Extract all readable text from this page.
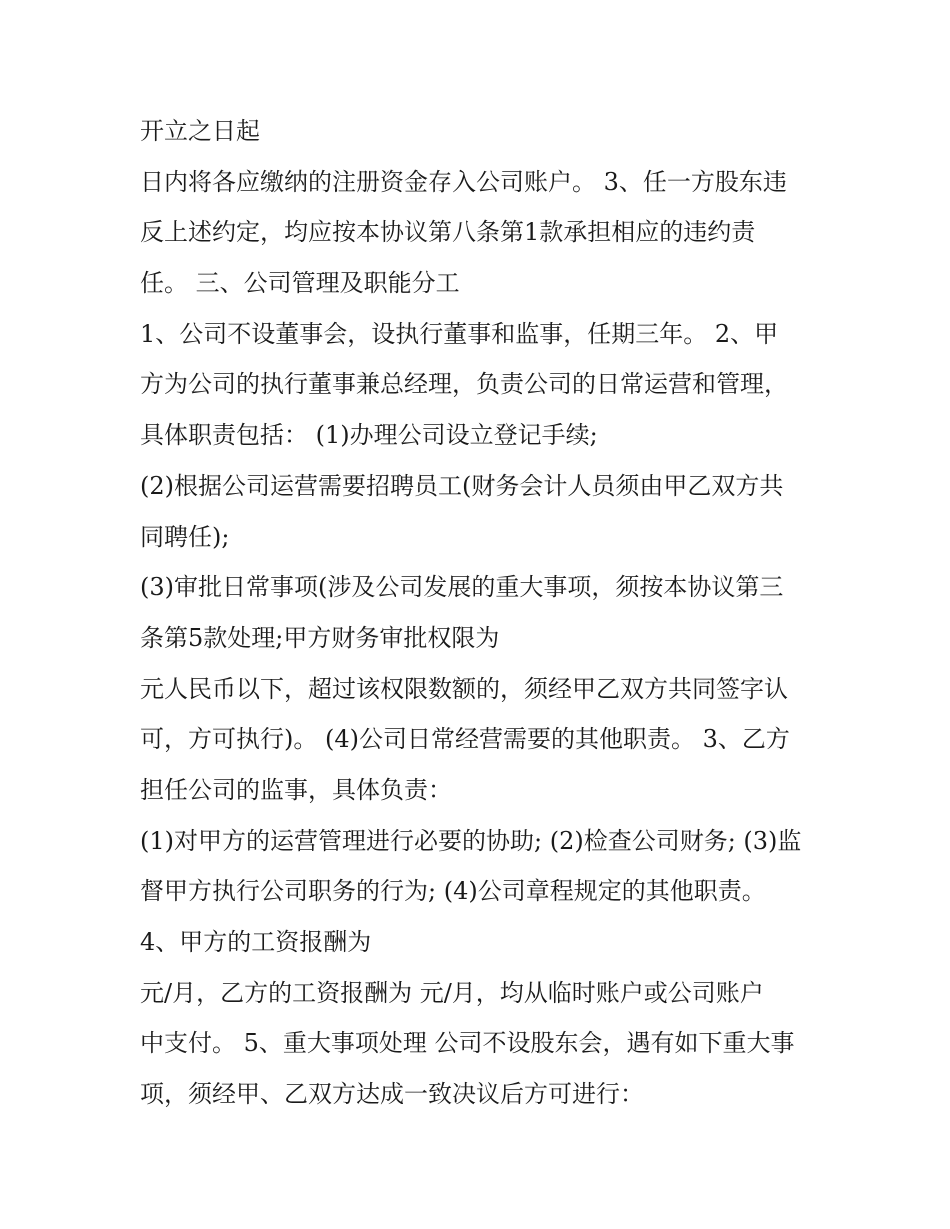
开立之日起
日内将各应缴纳的注册资金存入公司账户。 3、任一方股东违
反上述约定，均应按本协议第八条第1款承担相应的违约责
任。 三、公司管理及职能分工
1、公司不设董事会，设执行董事和监事，任期三年。 2、甲
方为公司的执行董事兼总经理，负责公司的日常运营和管理，
具体职责包括： (1)办理公司设立登记手续;
(2)根据公司运营需要招聘员工(财务会计人员须由甲乙双方共
同聘任);
(3)审批日常事项(涉及公司发展的重大事项，须按本协议第三
条第5款处理;甲方财务审批权限为
元人民币以下，超过该权限数额的，须经甲乙双方共同签字认
可，方可执行)。 (4)公司日常经营需要的其他职责。 3、乙方
担任公司的监事，具体负责：
(1)对甲方的运营管理进行必要的协助; (2)检查公司财务; (3)监
督甲方执行公司职务的行为; (4)公司章程规定的其他职责。
4、甲方的工资报酬为
元/月，乙方的工资报酬为 元/月，均从临时账户或公司账户
中支付。 5、重大事项处理 公司不设股东会，遇有如下重大事
项，须经甲、乙双方达成一致决议后方可进行：
